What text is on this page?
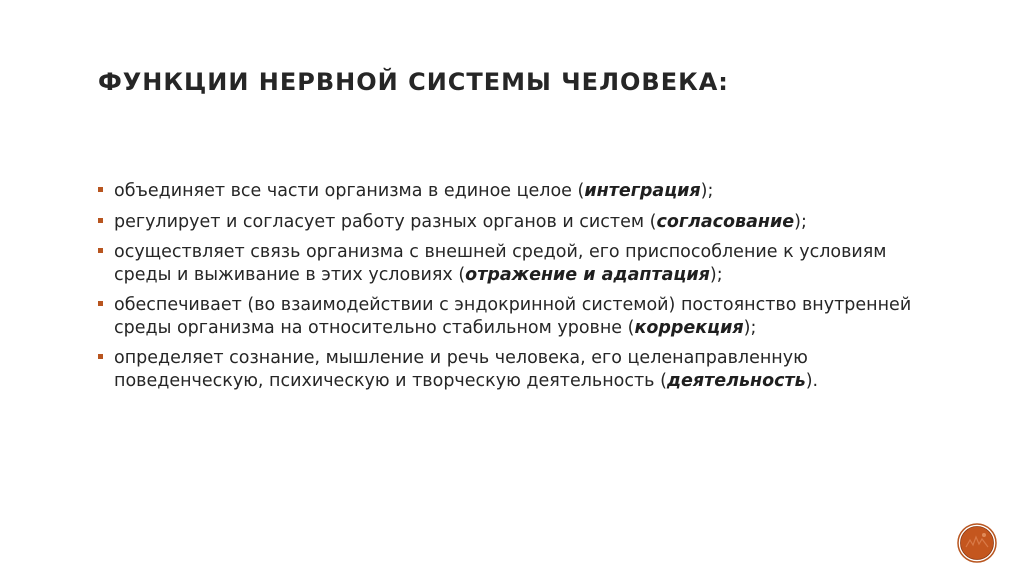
ФУНКЦИИ НЕРВНОЙ СИСТЕМЫ ЧЕЛОВЕКА:
объединяет все части организма в единое целое (интеграция);
регулирует и согласует работу разных органов и систем (согласование);
осуществляет связь организма с внешней средой, его приспособление к условиям среды и выживание в этих условиях (отражение и адаптация);
обеспечивает (во взаимодействии с эндокринной системой) постоянство внутренней среды организма на относительно стабильном уровне (коррекция);
определяет сознание, мышление и речь человека, его целенаправленную поведенческую, психическую и творческую деятельность (деятельность).
